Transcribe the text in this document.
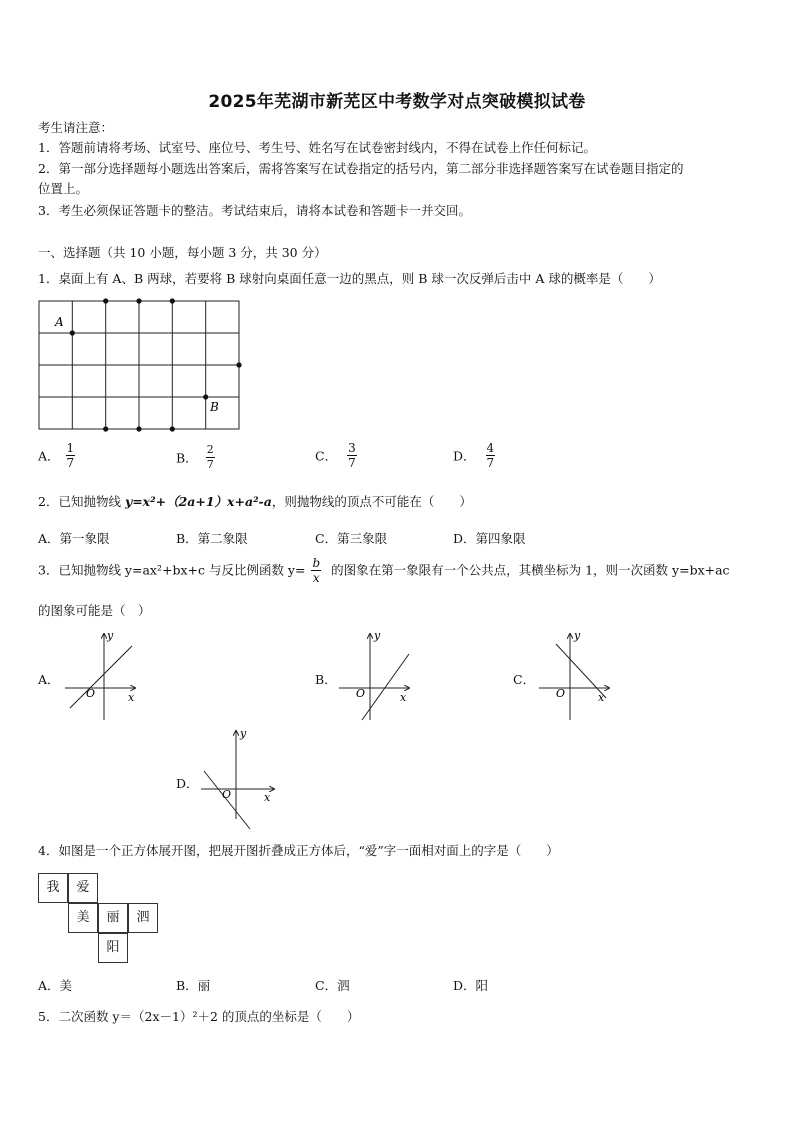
2025年芜湖市新芜区中考数学对点突破模拟试卷
考生请注意：
1．答题前请将考场、试室号、座位号、考生号、姓名写在试卷密封线内，不得在试卷上作任何标记。
2．第一部分选择题每小题选出答案后，需将答案写在试卷指定的括号内，第二部分非选择题答案写在试卷题目指定的
位置上。
3．考生必须保证答题卡的整洁。考试结束后，请将本试卷和答题卡一并交回。
一、选择题（共 10 小题，每小题 3 分，共 30 分）
1．桌面上有 A、B 两球，若要将 B 球射向桌面任意一边的黑点，则 B 球一次反弹后击中 A 球的概率是（　　）
A
B
A． $\frac{1}{7}$	B． $\frac{2}{7}$	C． $\frac{3}{7}$	D． $\frac{4}{7}$
2．已知抛物线 y=x²+（2a+1）x+a²-a，则抛物线的顶点不可能在（　　）
A．第一象限	B．第二象限	C．第三象限	D．第四象限
3．已知抛物线 y=ax²+bx+c 与反比例函数 $y= \frac{b}{x}$ 的图象在第一象限有一个公共点，其横坐标为 1，则一次函数 y=bx+ac
的图象可能是（　）
A．
x
y
O
B．
x
y
O
C．
x
y
O
D．
x
y
O
4．如图是一个正方体展开图，把展开图折叠成正方体后，“爱”字一面相对面上的字是（　　）
我	爱
美	丽	泗
阳
A．美	B．丽	C．泗	D．阳
5．二次函数 y＝（2x－1）²＋2 的顶点的坐标是（　　）
